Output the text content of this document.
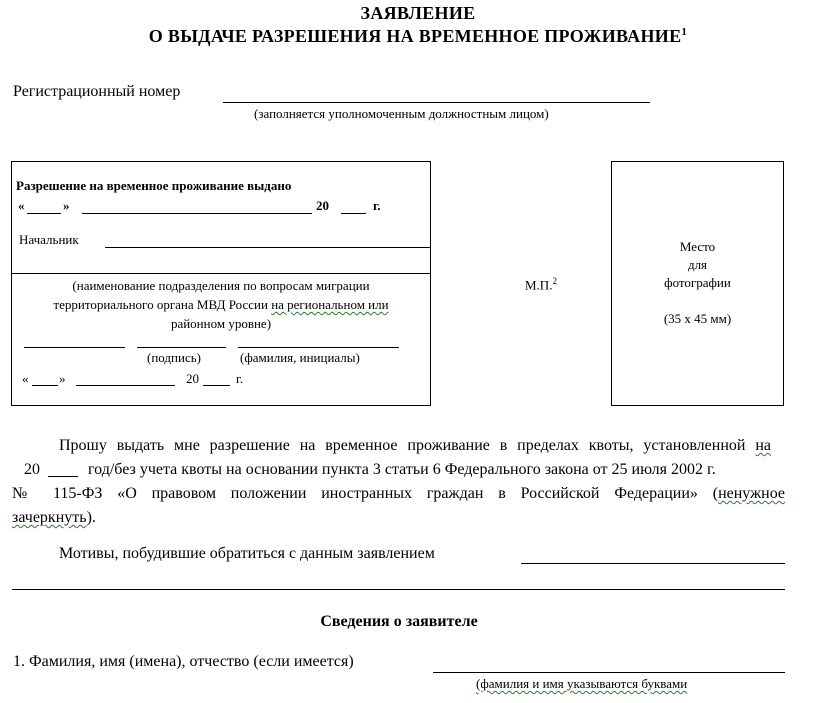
ЗАЯВЛЕНИЕ
О ВЫДАЧЕ РАЗРЕШЕНИЯ НА ВРЕМЕННОЕ ПРОЖИВАНИЕ$^1$
Регистрационный номер
(заполняется уполномоченным должностным лицом)
Разрешение на временное проживание выдано
«	»	20	г.
Начальник
(наименование подразделения по вопросам миграции
территориального органа МВД России на региональном или
районном уровне)
(подпись)	(фамилия, инициалы)
« »	20	г.
М.П.$^2$
Место
для
фотографии
(35 х 45 мм)
Прошу выдать мне разрешение на временное проживание в пределах квоты, установленной на
20	год/без учета квоты на основании пункта 3 статьи 6 Федерального закона от 25 июля 2002 г.
№ 115-ФЗ «О правовом положении иностранных граждан в Российской Федерации» (ненужное
зачеркнуть).
Мотивы, побудившие обратиться с данным заявлением
Сведения о заявителе
1. Фамилия, имя (имена), отчество (если имеется)
(фамилия и имя указываются буквами
